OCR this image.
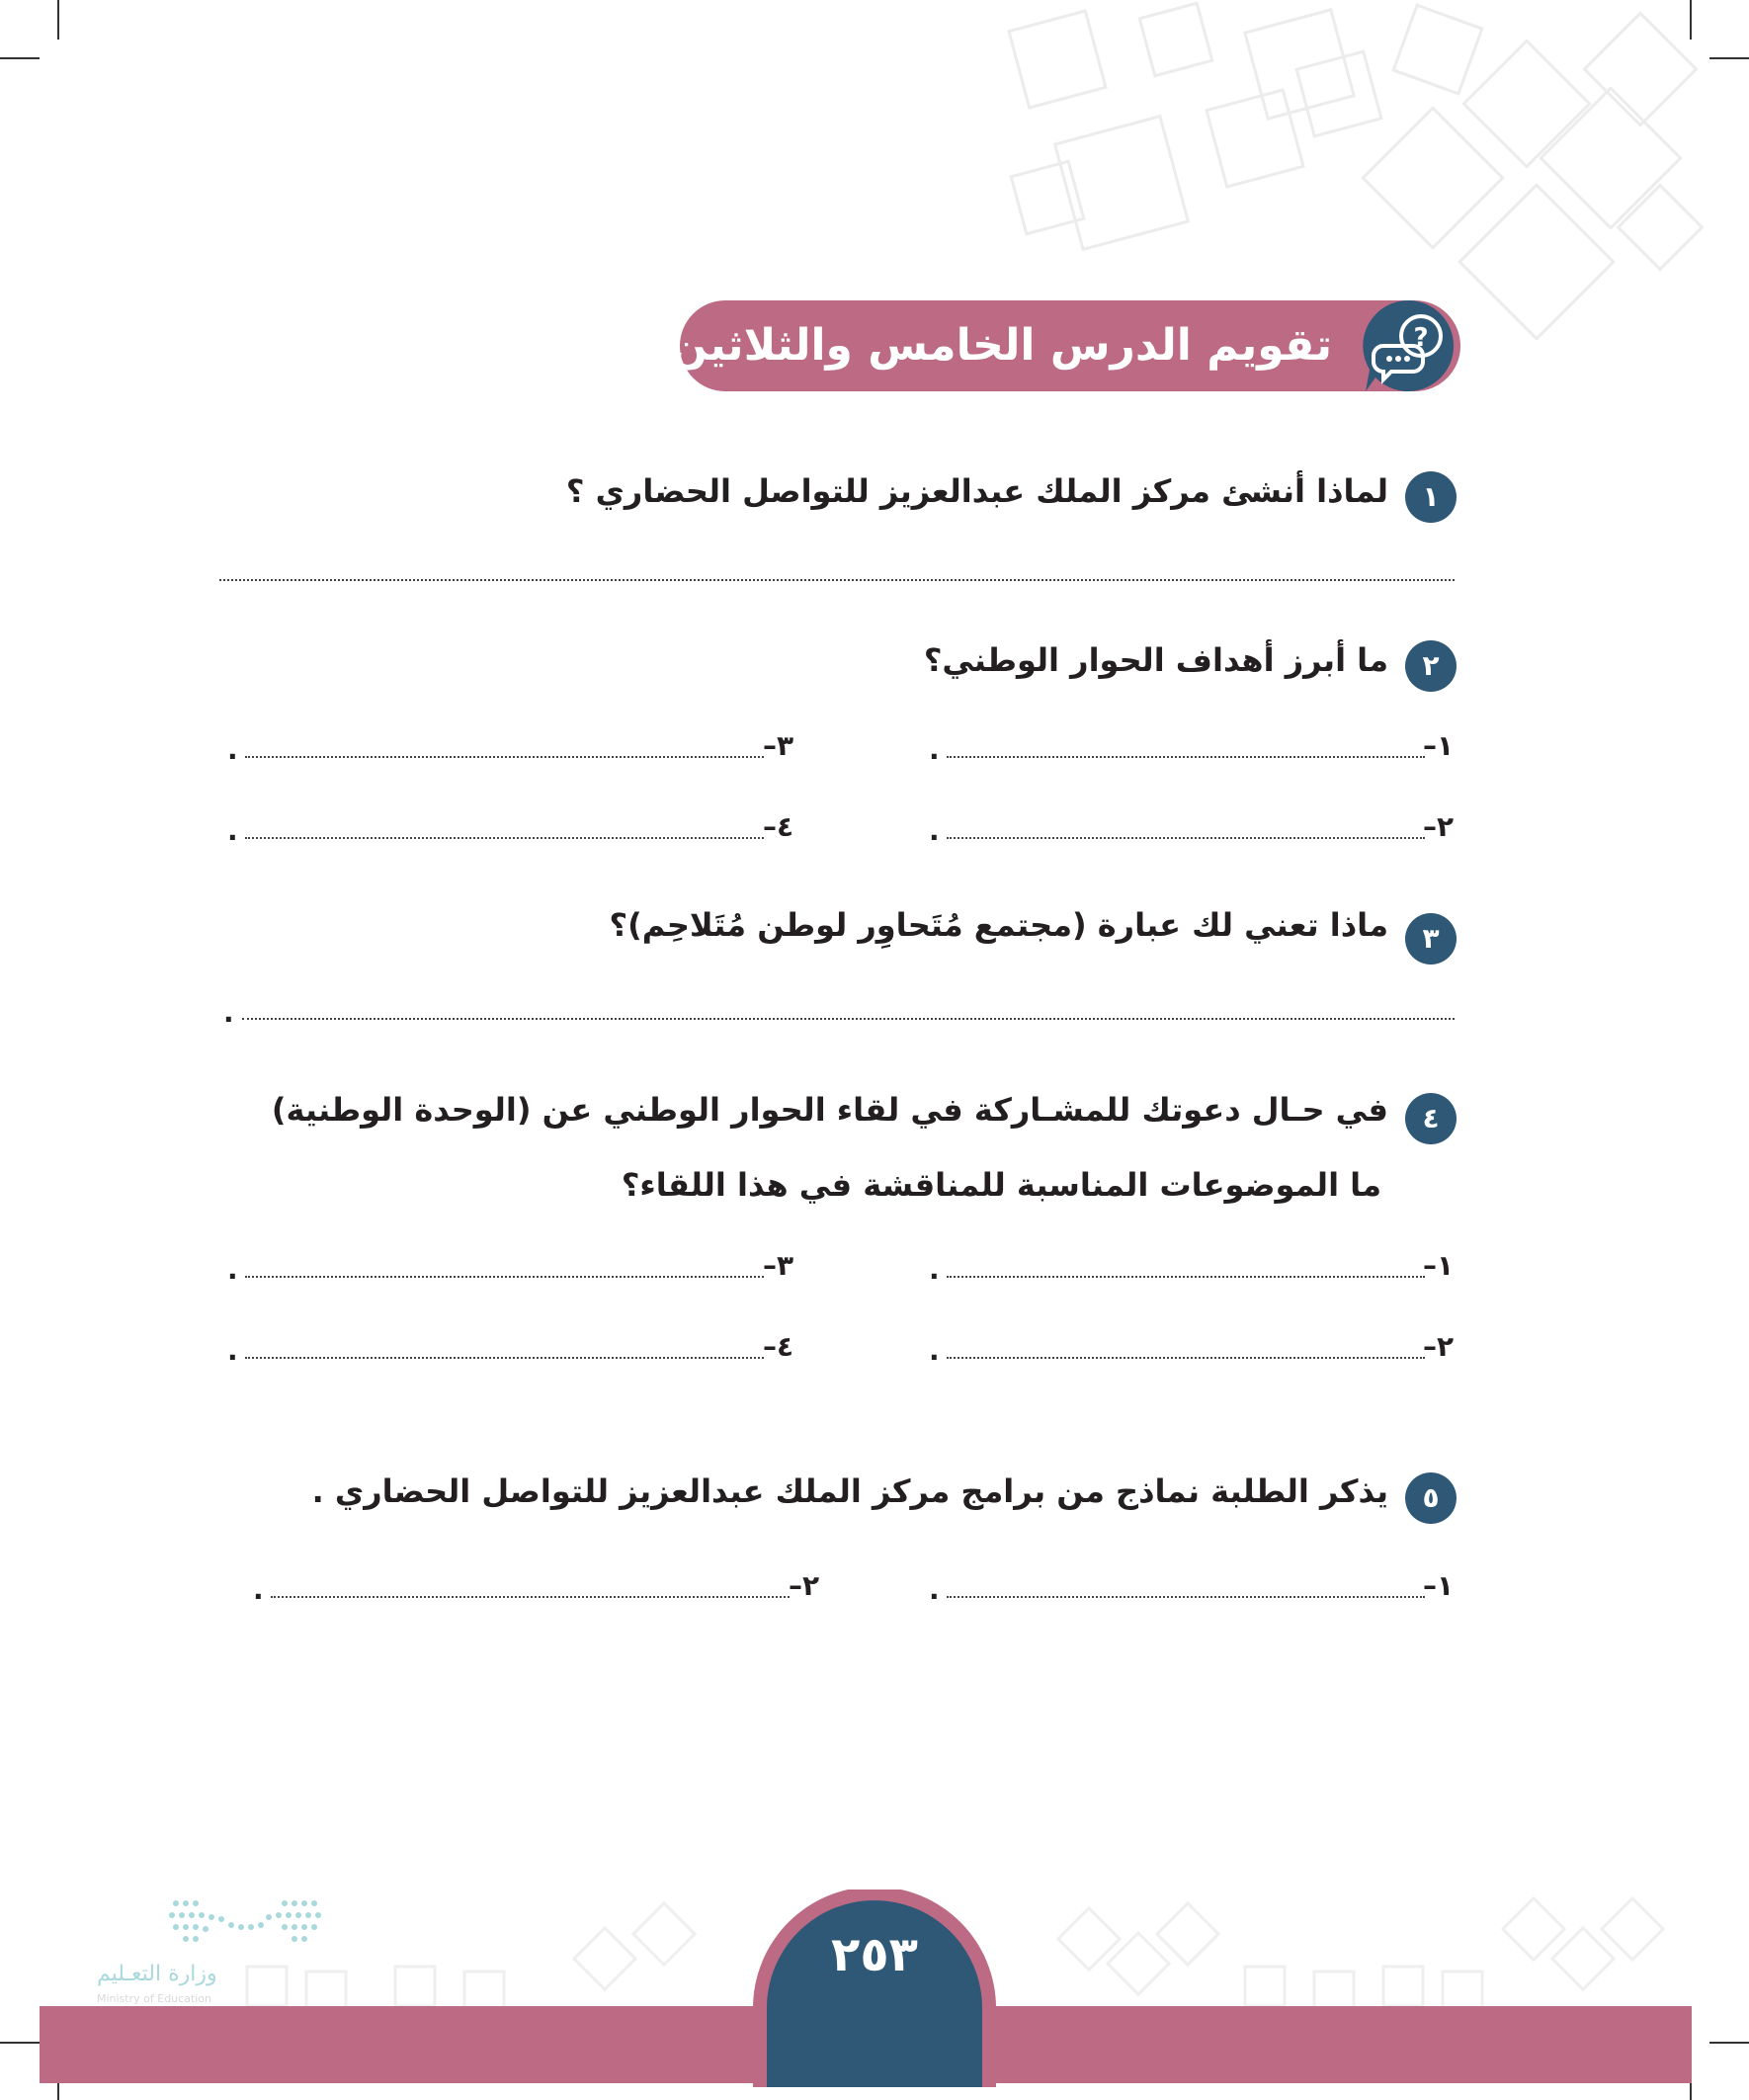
تقويم الدرس الخامس والثلاثين	?
١
لماذا أنشئ مركز الملك عبدالعزيز للتواصل الحضاري ؟
٢
ما أبرز أهداف الحوار الوطني؟
١–
.
٣–
.
٢–
.
٤–
.
٣
ماذا تعني لك عبارة (مجتمع مُتَحاوِر لوطن مُتَلاحِم)؟
.
٤
في حـال دعوتك للمشـاركة في لقاء الحوار الوطني عن (الوحدة الوطنية)
ما الموضوعات المناسبة للمناقشة في هذا اللقاء؟
١–
.
٣–
.
٢–
.
٤–
.
٥
يذكر الطلبة نماذج من برامج مركز الملك عبدالعزيز للتواصل الحضاري .
١–
.
٢–
.
وزارة التعـليم
Ministry of Education
٢٥٣
